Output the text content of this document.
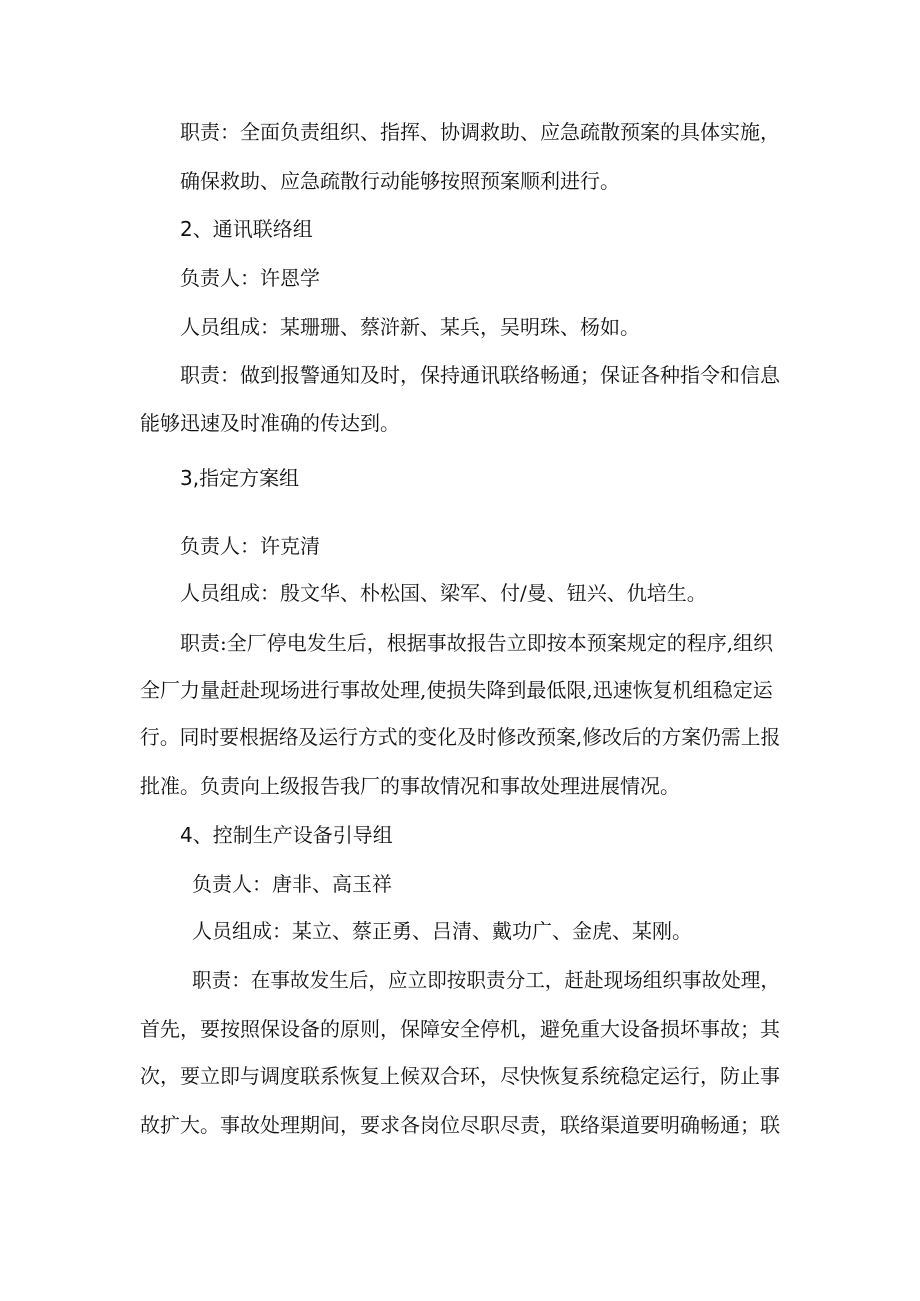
职责：全面负责组织、指挥、协调救助、应急疏散预案的具体实施，
确保救助、应急疏散行动能够按照预案顺利进行。
2、通讯联络组
负责人：许恩学
人员组成：某珊珊、蔡浒新、某兵，吴明珠、杨如。
职责：做到报警通知及时，保持通讯联络畅通；保证各种指令和信息
能够迅速及时准确的传达到。
3,指定方案组
负责人：许克清
人员组成：殷文华、朴松国、梁军、付/曼、钮兴、仇培生。
职责:全厂停电发生后，根据事故报告立即按本预案规定的程序,组织
全厂力量赶赴现场进行事故处理,使损失降到最低限,迅速恢复机组稳定运
行。同时要根据络及运行方式的变化及时修改预案,修改后的方案仍需上报
批准。负责向上级报告我厂的事故情况和事故处理进展情况。
4、控制生产设备引导组
负责人：唐非、高玉祥
人员组成：某立、蔡正勇、吕清、戴功广、金虎、某刚。
职责：在事故发生后，应立即按职责分工，赶赴现场组织事故处理，
首先，要按照保设备的原则，保障安全停机，避免重大设备损坏事故；其
次，要立即与调度联系恢复上候双合环，尽快恢复系统稳定运行，防止事
故扩大。事故处理期间，要求各岗位尽职尽责，联络渠道要明确畅通；联
